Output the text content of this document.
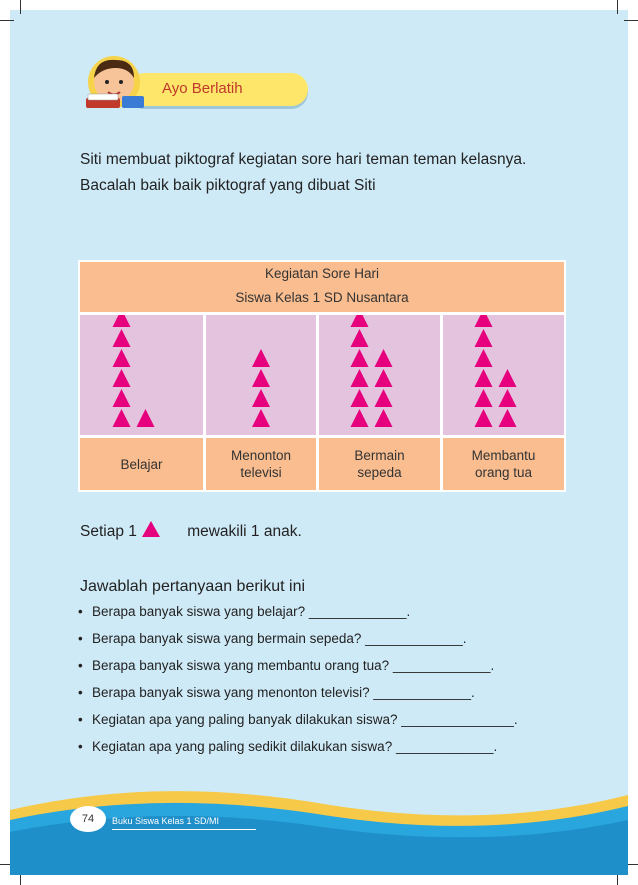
Ayo Berlatih

Siti membuat piktograf kegiatan sore hari teman teman kelasnya.

Bacalah baik baik piktograf yang dibuat Siti

Kegiatan Sore Hari
Siswa Kelas 1 SD Nusantara
Belajar
Menonton
televisi
Bermain
sepeda
Membantu
orang tua
Setiap 1	mewakili 1 anak.
Jawablah pertanyaan berikut ini
• Berapa banyak siswa yang belajar? _____________.
• Berapa banyak siswa yang bermain sepeda? _____________.
• Berapa banyak siswa yang membantu orang tua? _____________.
• Berapa banyak siswa yang menonton televisi? _____________.
• Kegiatan apa yang paling banyak dilakukan siswa? _______________.
• Kegiatan apa yang paling sedikit dilakukan siswa? _____________.
74	Buku Siswa Kelas 1 SD/MI
